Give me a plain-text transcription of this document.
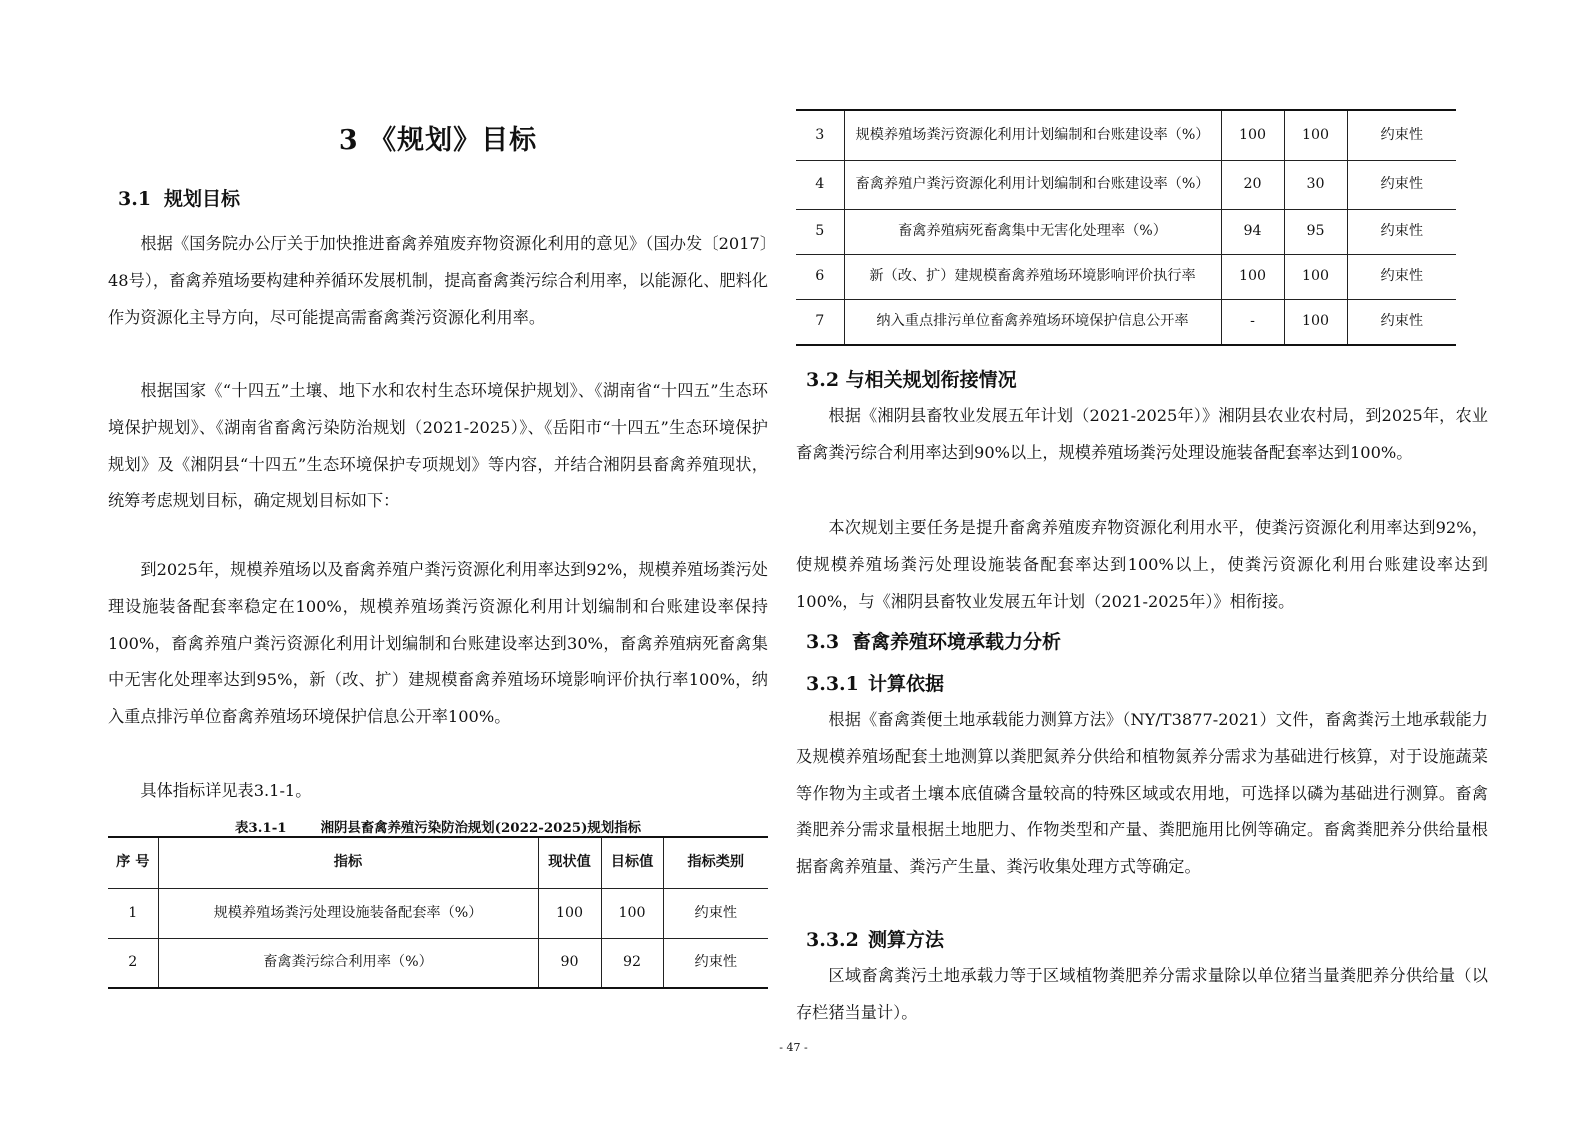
3 《规划》目标
3.1 规划目标
根据《国务院办公厅关于加快推进畜禽养殖废弃物资源化利用的意见》（国办发〔2017〕48号），畜禽养殖场要构建种养循环发展机制，提高畜禽粪污综合利用率，以能源化、肥料化作为资源化主导方向，尽可能提高需畜禽粪污资源化利用率。
根据国家《“十四五”土壤、地下水和农村生态环境保护规划》、《湖南省“十四五”生态环境保护规划》、《湖南省畜禽污染防治规划（2021-2025）》、《岳阳市“十四五”生态环境保护规划》及《湘阴县“十四五”生态环境保护专项规划》等内容，并结合湘阴县畜禽养殖现状，统筹考虑规划目标，确定规划目标如下：
到2025年，规模养殖场以及畜禽养殖户粪污资源化利用率达到92%，规模养殖场粪污处理设施装备配套率稳定在100%，规模养殖场粪污资源化利用计划编制和台账建设率保持100%，畜禽养殖户粪污资源化利用计划编制和台账建设率达到30%，畜禽养殖病死畜禽集中无害化处理率达到95%，新（改、扩）建规模畜禽养殖场环境影响评价执行率100%，纳入重点排污单位畜禽养殖场环境保护信息公开率100%。
具体指标详见表3.1-1。
表3.1-1	湘阴县畜禽养殖污染防治规划(2022-2025)规划指标
序 号	指标	现状值	目标值	指标类别
1	规模养殖场粪污处理设施装备配套率（%）	100	100	约束性
2	畜禽粪污综合利用率（%）	90	92	约束性
3	规模养殖场粪污资源化利用计划编制和台账建设率（%）	100	100	约束性
4	畜禽养殖户粪污资源化利用计划编制和台账建设率（%）	20	30	约束性
5	畜禽养殖病死畜禽集中无害化处理率（%）	94	95	约束性
6	新（改、扩）建规模畜禽养殖场环境影响评价执行率	100	100	约束性
7	纳入重点排污单位畜禽养殖场环境保护信息公开率	-	100	约束性
3.2 与相关规划衔接情况
根据《湘阴县畜牧业发展五年计划（2021-2025年）》湘阴县农业农村局，到2025年，农业畜禽粪污综合利用率达到90%以上，规模养殖场粪污处理设施装备配套率达到100%。
本次规划主要任务是提升畜禽养殖废弃物资源化利用水平，使粪污资源化利用率达到92%，使规模养殖场粪污处理设施装备配套率达到100%以上，使粪污资源化利用台账建设率达到100%，与《湘阴县畜牧业发展五年计划（2021-2025年）》相衔接。
3.3 畜禽养殖环境承载力分析
3.3.1 计算依据
根据《畜禽粪便土地承载能力测算方法》（NY/T3877-2021）文件，畜禽粪污土地承载能力及规模养殖场配套土地测算以粪肥氮养分供给和植物氮养分需求为基础进行核算，对于设施蔬菜等作物为主或者土壤本底值磷含量较高的特殊区域或农用地，可选择以磷为基础进行测算。畜禽粪肥养分需求量根据土地肥力、作物类型和产量、粪肥施用比例等确定。畜禽粪肥养分供给量根据畜禽养殖量、粪污产生量、粪污收集处理方式等确定。
3.3.2 测算方法
区域畜禽粪污土地承载力等于区域植物粪肥养分需求量除以单位猪当量粪肥养分供给量（以存栏猪当量计）。
- 47 -
